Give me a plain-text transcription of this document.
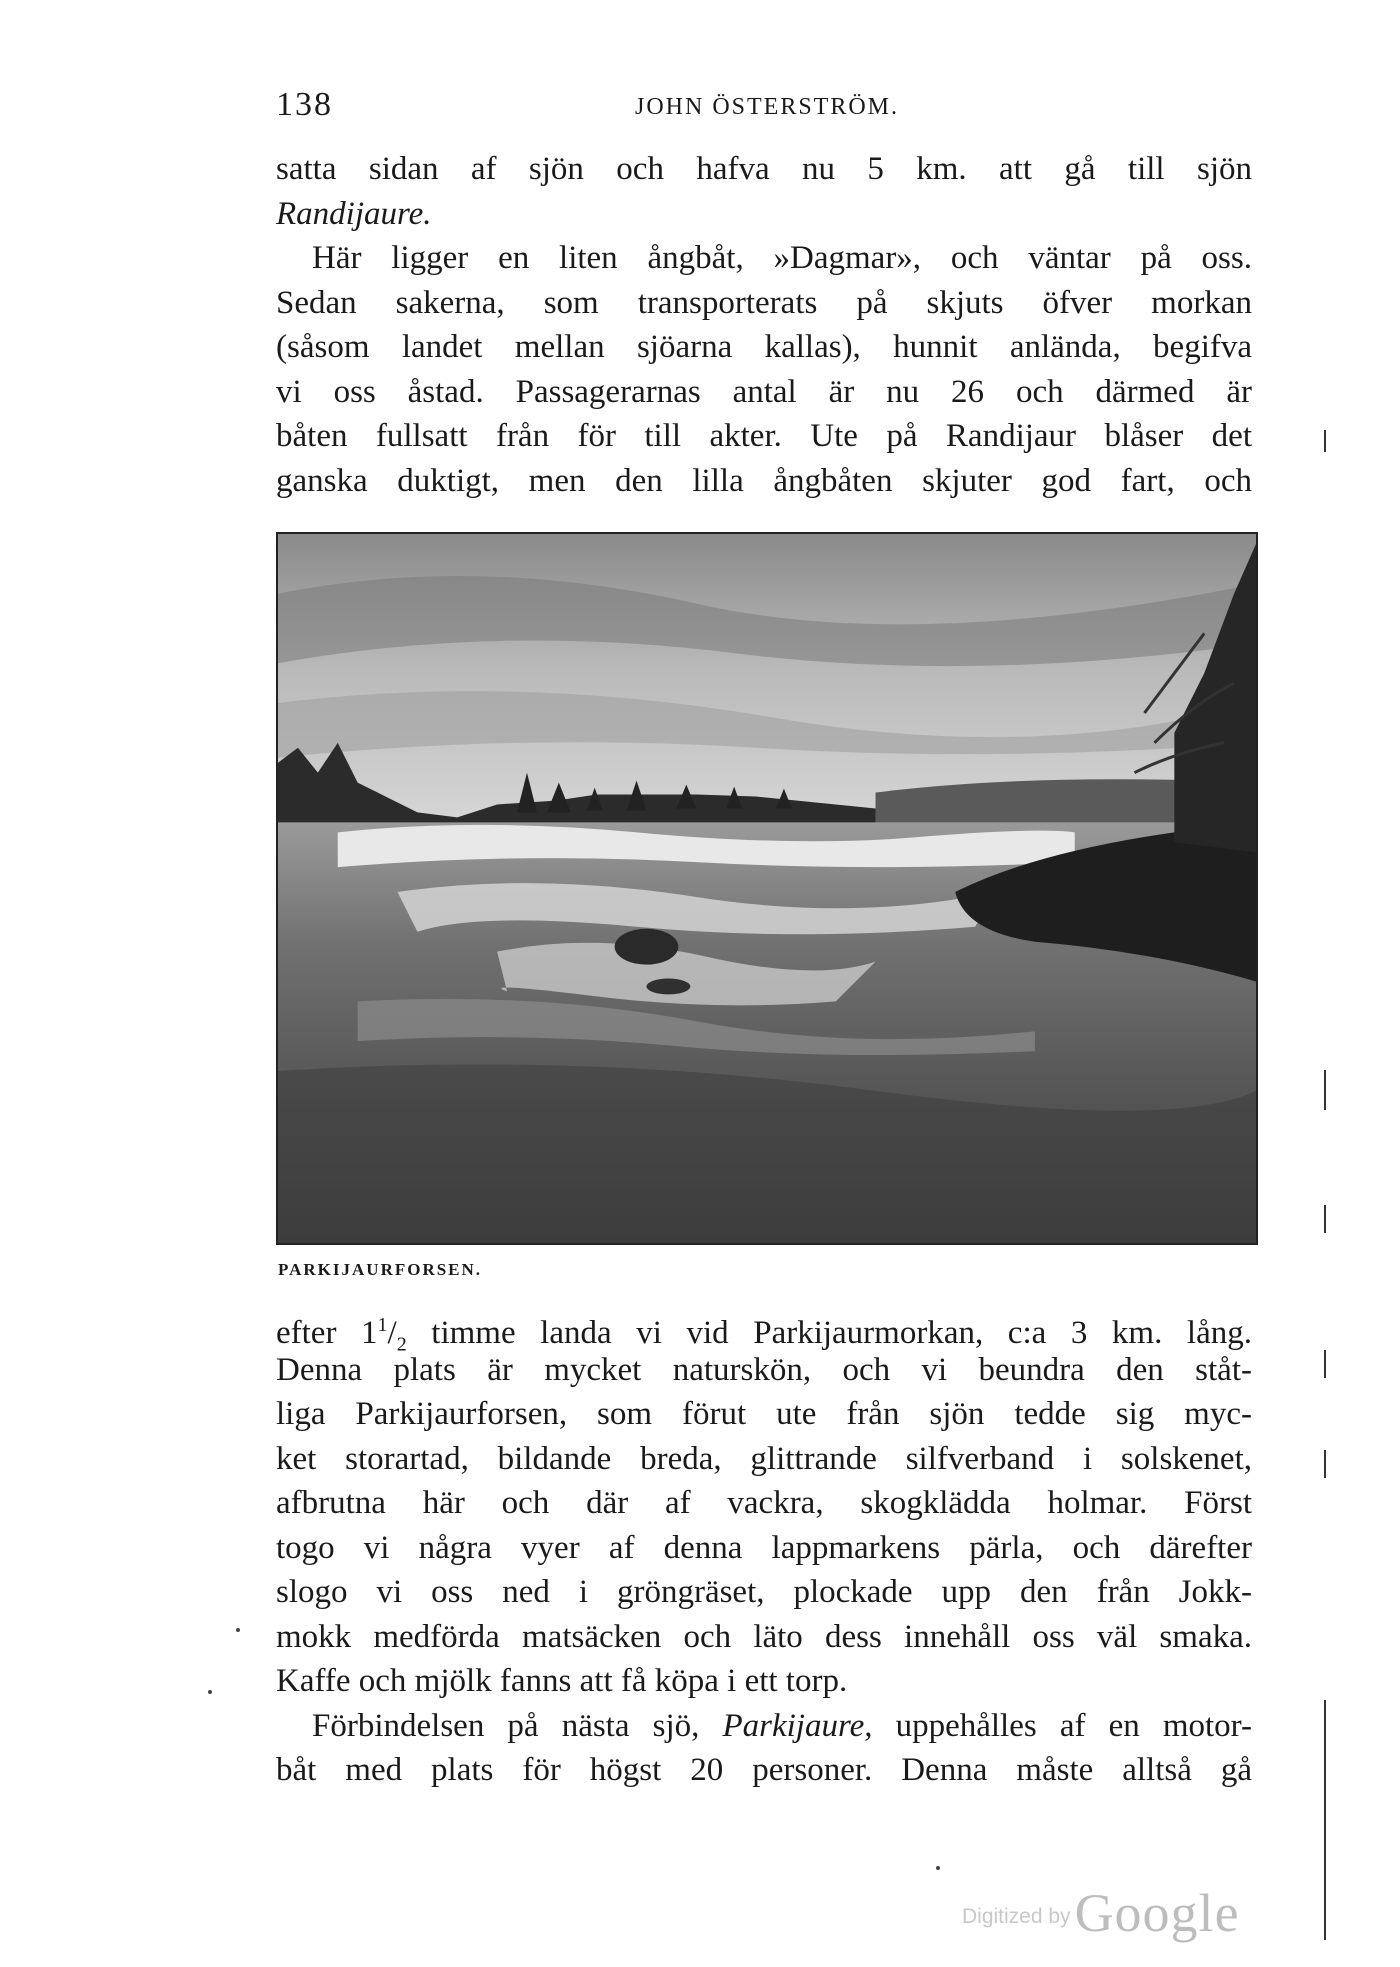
138	JOHN ÖSTERSTRÖM.

satta sidan af sjön och hafva nu 5 km. att gå till sjön
Randijaure.

Här ligger en liten ångbåt, »Dagmar», och väntar på oss.
Sedan sakerna, som transporterats på skjuts öfver morkan
(såsom landet mellan sjöarna kallas), hunnit anlända, begifva
vi oss åstad. Passagerarnas antal är nu 26 och därmed är
båten fullsatt från för till akter. Ute på Randijaur blåser det
ganska duktigt, men den lilla ångbåten skjuter god fart, och

PARKIJAURFORSEN.

efter $1^1/_2$ timme landa vi vid Parkijaurmorkan, c:a 3 km. lång.
Denna plats är mycket naturskön, och vi beundra den ståt-
liga Parkijaurforsen, som förut ute från sjön tedde sig myc-
ket storartad, bildande breda, glittrande silfverband i solskenet,
afbrutna här och där af vackra, skogklädda holmar. Först
togo vi några vyer af denna lappmarkens pärla, och därefter
slogo vi oss ned i gröngräset, plockade upp den från Jokk-
mokk medförda matsäcken och läto dess innehåll oss väl smaka.
Kaffe och mjölk fanns att få köpa i ett torp.

Förbindelsen på nästa sjö, Parkijaure, uppehålles af en motor-
båt med plats för högst 20 personer. Denna måste alltså gå

Digitized by Google
